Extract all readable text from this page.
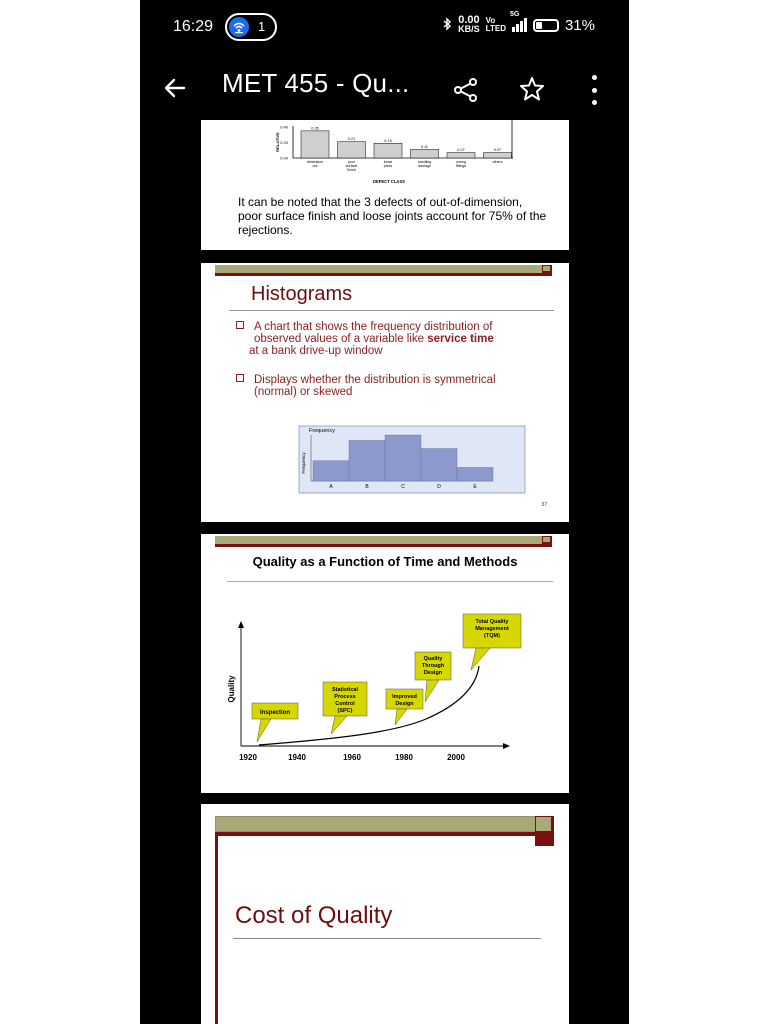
16:29	1	0.00
KB/S
Vo
LTED
5G
31%
MET 455 - Qu...
RELATIVE
0.40
0.20
0.00
0.35
dimension
out
0.21
poor
surface
finish
0.19
loose
joints
0.11
handling
damage
0.07
wrong
fittings
0.07
others
DEFECT CLASS
It can be noted that the 3 defects of out-of-dimension, poor surface finish and loose joints account for 75% of the rejections.
Histograms
A chart that shows the frequency distribution of
observed values of a variable like service time
at a bank drive-up window
Displays whether the distribution is symmetrical
(normal) or skewed
Frequency
Frequency
A	B	C	D	E
37
Quality as a Function of Time and Methods
Quality
1920	1940	1960	1980	2000
Inspection
Statistical
Process
Control
(SPC)
Improved
Design
Quality
Through
Design
Total Quality
Management
(TQM)
Cost of Quality
